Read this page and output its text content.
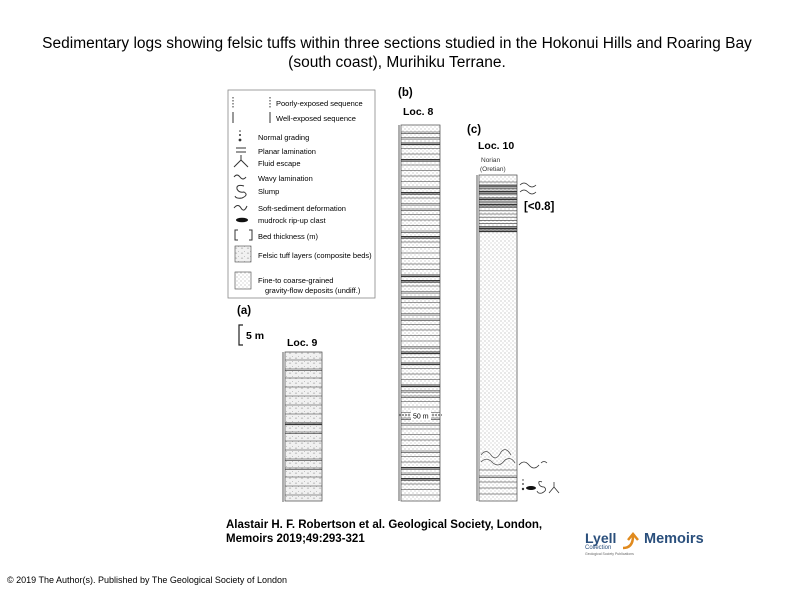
Sedimentary logs showing felsic tuffs within three sections studied in the Hokonui Hills and Roaring Bay (south coast), Murihiku Terrane.
Poorly-exposed sequence
Well-exposed sequence
Normal grading
Planar lamination
Fluid escape
Wavy lamination
Slump
Soft-sediment deformation
mudrock rip-up clast
Bed thickness (m)
Felsic tuff layers (composite beds)
Fine-to coarse-grained
gravity-flow deposits (undiff.)
(a)
(b)
(c)
5 m
Loc. 9
Loc. 8
50 m
Loc. 10
Norian
(Oretian)
[<0.8]
Alastair H. F. Robertson et al. Geological Society, London,
Memoirs 2019;49:293-321
© 2019 The Author(s). Published by The Geological Society of London
Lyell
Collection
Geological Society Publications
Memoirs
